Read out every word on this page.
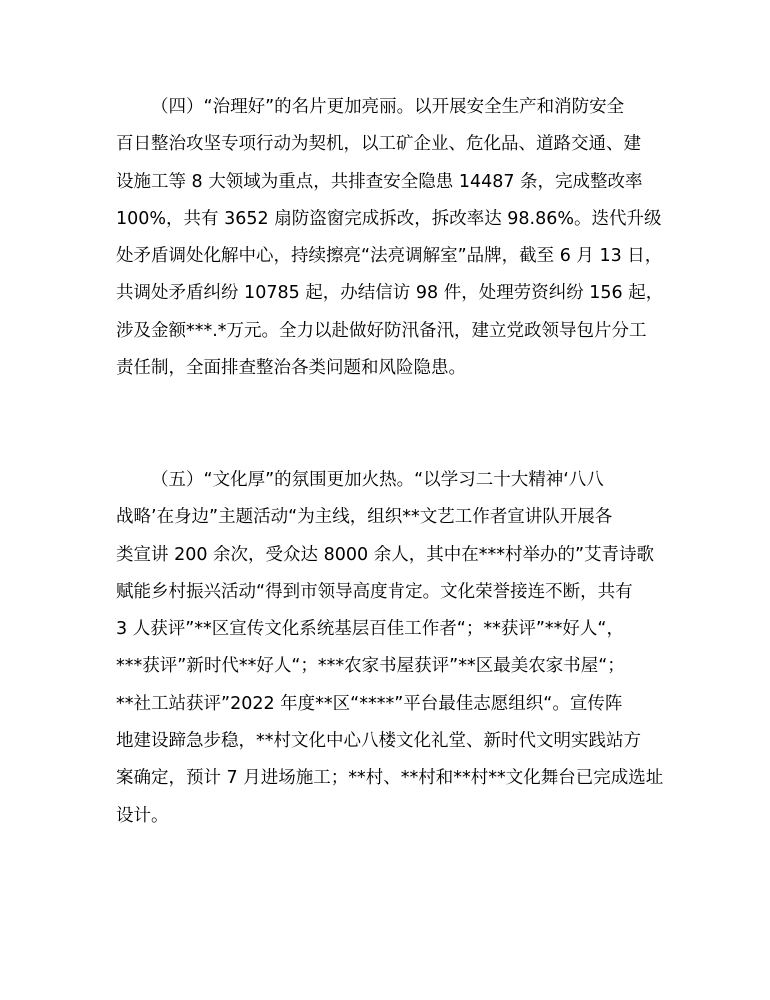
（四）“治理好”的名片更加亮丽。以开展安全生产和消防安全
百日整治攻坚专项行动为契机，以工矿企业、危化品、道路交通、建
设施工等 8 大领域为重点，共排查安全隐患 14487 条，完成整改率
100%，共有 3652 扇防盗窗完成拆改，拆改率达 98.86%。迭代升级
处矛盾调处化解中心，持续擦亮“法亮调解室”品牌，截至 6 月 13 日，
共调处矛盾纠纷 10785 起，办结信访 98 件，处理劳资纠纷 156 起，
涉及金额***.*万元。全力以赴做好防汛备汛，建立党政领导包片分工
责任制，全面排查整治各类问题和风险隐患。
（五）“文化厚”的氛围更加火热。“以学习二十大精神‘八八
战略’在身边”主题活动“为主线，组织**文艺工作者宣讲队开展各
类宣讲 200 余次，受众达 8000 余人，其中在***村举办的”艾青诗歌
赋能乡村振兴活动“得到市领导高度肯定。文化荣誉接连不断，共有
3 人获评”**区宣传文化系统基层百佳工作者“；**获评”**好人“，
***获评”新时代**好人“；***农家书屋获评”**区最美农家书屋“；
**社工站获评”2022 年度**区“****”平台最佳志愿组织“。宣传阵
地建设蹄急步稳，**村文化中心八楼文化礼堂、新时代文明实践站方
案确定，预计 7 月进场施工；**村、**村和**村**文化舞台已完成选址
设计。
